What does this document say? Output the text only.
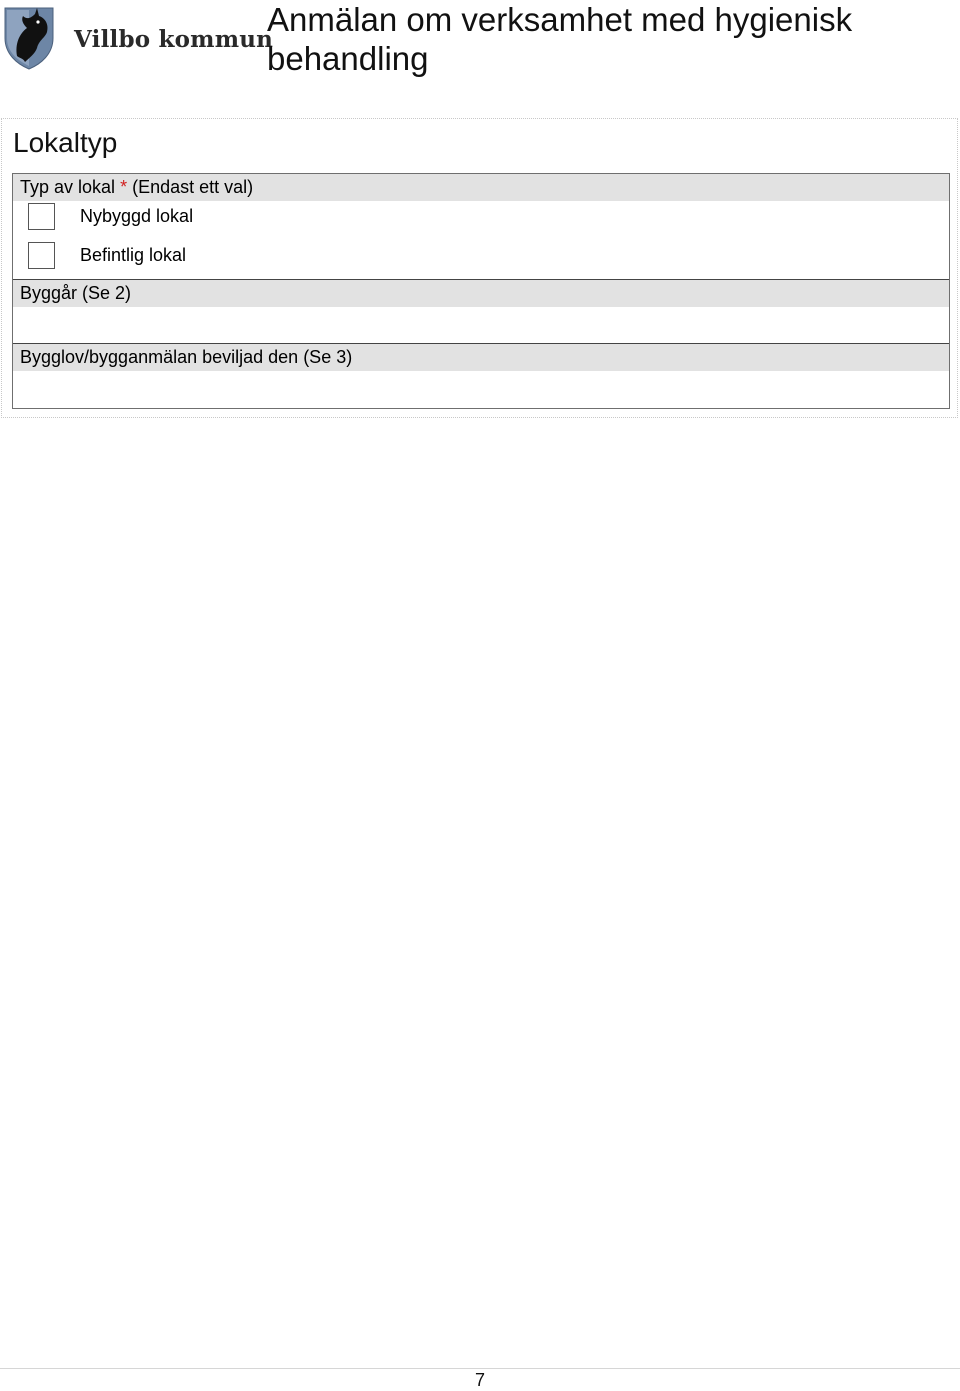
Villbo kommun
Anmälan om verksamhet med hygienisk behandling
Lokaltyp
Typ av lokal * (Endast ett val)
Nybyggd lokal
Befintlig lokal
Byggår (Se 2)
Bygglov/bygganmälan beviljad den (Se 3)
7
